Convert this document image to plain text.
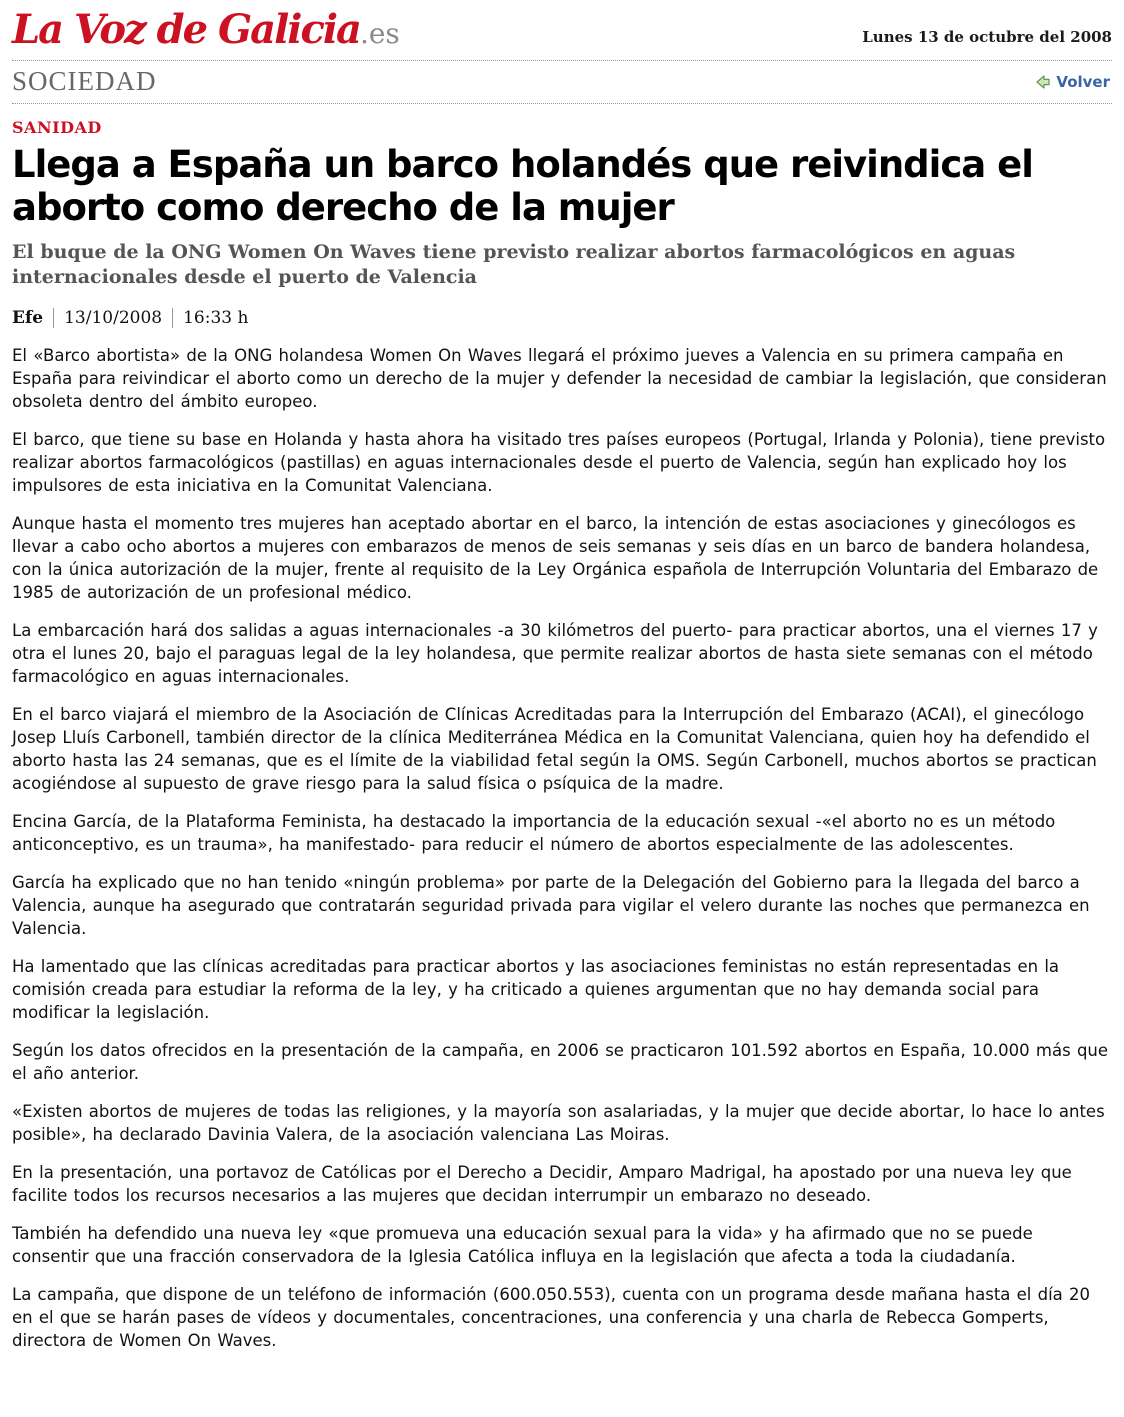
La Voz de Galicia.es	Lunes 13 de octubre del 2008
SOCIEDAD	Volver
SANIDAD
Llega a España un barco holandés que reivindica el aborto como derecho de la mujer
El buque de la ONG Women On Waves tiene previsto realizar abortos farmacológicos en aguas internacionales desde el puerto de Valencia
Efe 13/10/2008 16:33 h

El «Barco abortista» de la ONG holandesa Women On Waves llegará el próximo jueves a Valencia en su primera campaña en España para reivindicar el aborto como un derecho de la mujer y defender la necesidad de cambiar la legislación, que consideran obsoleta dentro del ámbito europeo.

El barco, que tiene su base en Holanda y hasta ahora ha visitado tres países europeos (Portugal, Irlanda y Polonia), tiene previsto realizar abortos farmacológicos (pastillas) en aguas internacionales desde el puerto de Valencia, según han explicado hoy los impulsores de esta iniciativa en la Comunitat Valenciana.

Aunque hasta el momento tres mujeres han aceptado abortar en el barco, la intención de estas asociaciones y ginecólogos es llevar a cabo ocho abortos a mujeres con embarazos de menos de seis semanas y seis días en un barco de bandera holandesa, con la única autorización de la mujer, frente al requisito de la Ley Orgánica española de Interrupción Voluntaria del Embarazo de 1985 de autorización de un profesional médico.

La embarcación hará dos salidas a aguas internacionales -a 30 kilómetros del puerto- para practicar abortos, una el viernes 17 y otra el lunes 20, bajo el paraguas legal de la ley holandesa, que permite realizar abortos de hasta siete semanas con el método farmacológico en aguas internacionales.

En el barco viajará el miembro de la Asociación de Clínicas Acreditadas para la Interrupción del Embarazo (ACAI), el ginecólogo Josep Lluís Carbonell, también director de la clínica Mediterránea Médica en la Comunitat Valenciana, quien hoy ha defendido el aborto hasta las 24 semanas, que es el límite de la viabilidad fetal según la OMS. Según Carbonell, muchos abortos se practican acogiéndose al supuesto de grave riesgo para la salud física o psíquica de la madre.

Encina García, de la Plataforma Feminista, ha destacado la importancia de la educación sexual -«el aborto no es un método anticonceptivo, es un trauma», ha manifestado- para reducir el número de abortos especialmente de las adolescentes.

García ha explicado que no han tenido «ningún problema» por parte de la Delegación del Gobierno para la llegada del barco a Valencia, aunque ha asegurado que contratarán seguridad privada para vigilar el velero durante las noches que permanezca en Valencia.

Ha lamentado que las clínicas acreditadas para practicar abortos y las asociaciones feministas no están representadas en la comisión creada para estudiar la reforma de la ley, y ha criticado a quienes argumentan que no hay demanda social para modificar la legislación.

Según los datos ofrecidos en la presentación de la campaña, en 2006 se practicaron 101.592 abortos en España, 10.000 más que el año anterior.

«Existen abortos de mujeres de todas las religiones, y la mayoría son asalariadas, y la mujer que decide abortar, lo hace lo antes posible», ha declarado Davinia Valera, de la asociación valenciana Las Moiras.

En la presentación, una portavoz de Católicas por el Derecho a Decidir, Amparo Madrigal, ha apostado por una nueva ley que facilite todos los recursos necesarios a las mujeres que decidan interrumpir un embarazo no deseado.

También ha defendido una nueva ley «que promueva una educación sexual para la vida» y ha afirmado que no se puede consentir que una fracción conservadora de la Iglesia Católica influya en la legislación que afecta a toda la ciudadanía.

La campaña, que dispone de un teléfono de información (600.050.553), cuenta con un programa desde mañana hasta el día 20 en el que se harán pases de vídeos y documentales, concentraciones, una conferencia y una charla de Rebecca Gomperts, directora de Women On Waves.
